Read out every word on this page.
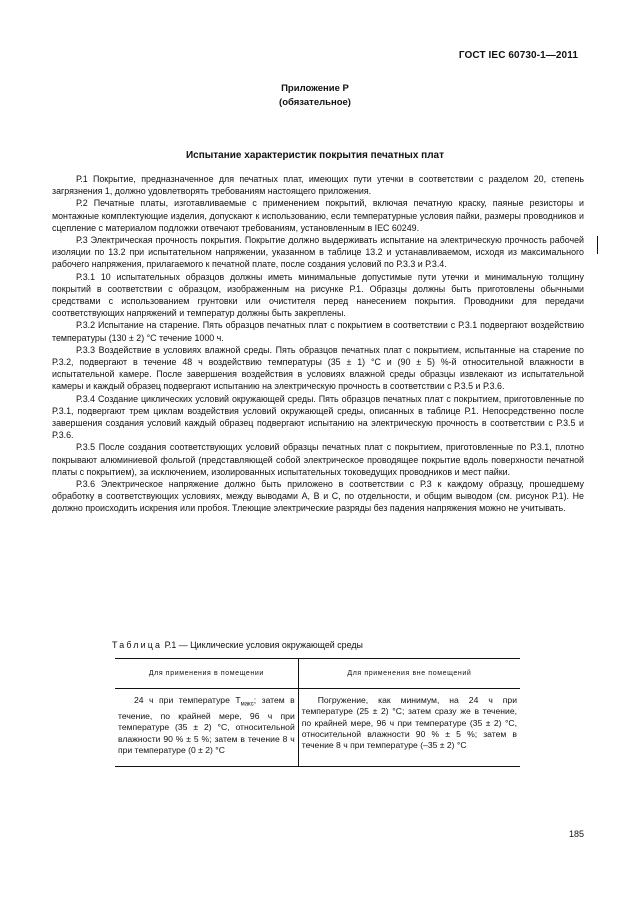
ГОСТ IEC 60730-1—2011
Приложение Р
(обязательное)
Испытание характеристик покрытия печатных плат

Р.1 Покрытие, предназначенное для печатных плат, имеющих пути утечки в соответствии с разделом 20, степень загрязнения 1, должно удовлетворять требованиям настоящего приложения.

Р.2 Печатные платы, изготавливаемые с применением покрытий, включая печатную краску, паяные резисторы и монтажные комплектующие изделия, допускают к использованию, если температурные условия пайки, размеры проводников и сцепление с материалом подложки отвечают требованиям, установленным в IEC 60249.

Р.3 Электрическая прочность покрытия. Покрытие должно выдерживать испытание на электрическую прочность рабочей изоляции по 13.2 при испытательном напряжении, указанном в таблице 13.2 и устанавливаемом, исходя из максимального рабочего напряжения, прилагаемого к печатной плате, после создания условий по Р.3.3 и Р.3.4.

Р.3.1 10 испытательных образцов должны иметь минимальные допустимые пути утечки и минимальную толщину покрытий в соответствии с образцом, изображенным на рисунке Р.1. Образцы должны быть приготовлены обычными средствами с использованием грунтовки или очистителя перед нанесением покрытия. Проводники для передачи соответствующих напряжений и температур должны быть закреплены.

Р.3.2 Испытание на старение. Пять образцов печатных плат с покрытием в соответствии с Р.3.1 подвергают воздействию температуры (130 ± 2) °С течение 1000 ч.

Р.3.3 Воздействие в условиях влажной среды. Пять образцов печатных плат с покрытием, испытанные на старение по Р.3.2, подвергают в течение 48 ч воздействию температуры (35 ± 1) °С и (90 ± 5) %-й относительной влажности в испытательной камере. После завершения воздействия в условиях влажной среды образцы извлекают из испытательной камеры и каждый образец подвергают испытанию на электрическую прочность в соответствии с Р.3.5 и Р.3.6.

Р.3.4 Создание циклических условий окружающей среды. Пять образцов печатных плат с покрытием, приготовленные по Р.3.1, подвергают трем циклам воздействия условий окружающей среды, описанных в таблице Р.1. Непосредственно после завершения создания условий каждый образец подвергают испытанию на электрическую прочность в соответствии с Р.3.5 и Р.3.6.

Р.3.5 После создания соответствующих условий образцы печатных плат с покрытием, приготовленные по Р.3.1, плотно покрывают алюминиевой фольгой (представляющей собой электрическое проводящее покрытие вдоль поверхности печатной платы с покрытием), за исключением, изолированных испытательных токоведущих проводников и мест пайки.

Р.3.6 Электрическое напряжение должно быть приложено в соответствии с Р.3 к каждому образцу, прошедшему обработку в соответствующих условиях, между выводами А, В и С, по отдельности, и общим выводом (см. рисунок Р.1). Не должно происходить искрения или пробоя. Тлеющие электрические разряды без падения напряжения можно не учитывать.

Таблица Р.1 — Циклические условия окружающей среды
Для применения в помещении	Для применения вне помещений

24 ч при температуре $T_{макс}$; затем в течение, по крайней мере, 96 ч при температуре (35 ± 2) °С, относительной влажности 90 % ± 5 %; затем в течение 8 ч при температуре (0 ± 2) °С	Погружение, как минимум, на 24 ч при температуре (25 ± 2) °С; затем сразу же в течение, по крайней мере, 96 ч при температуре (35 ± 2) °С, относительной влажности 90 % ± 5 %; затем в течение 8 ч при температуре (–35 ± 2) °С
185
